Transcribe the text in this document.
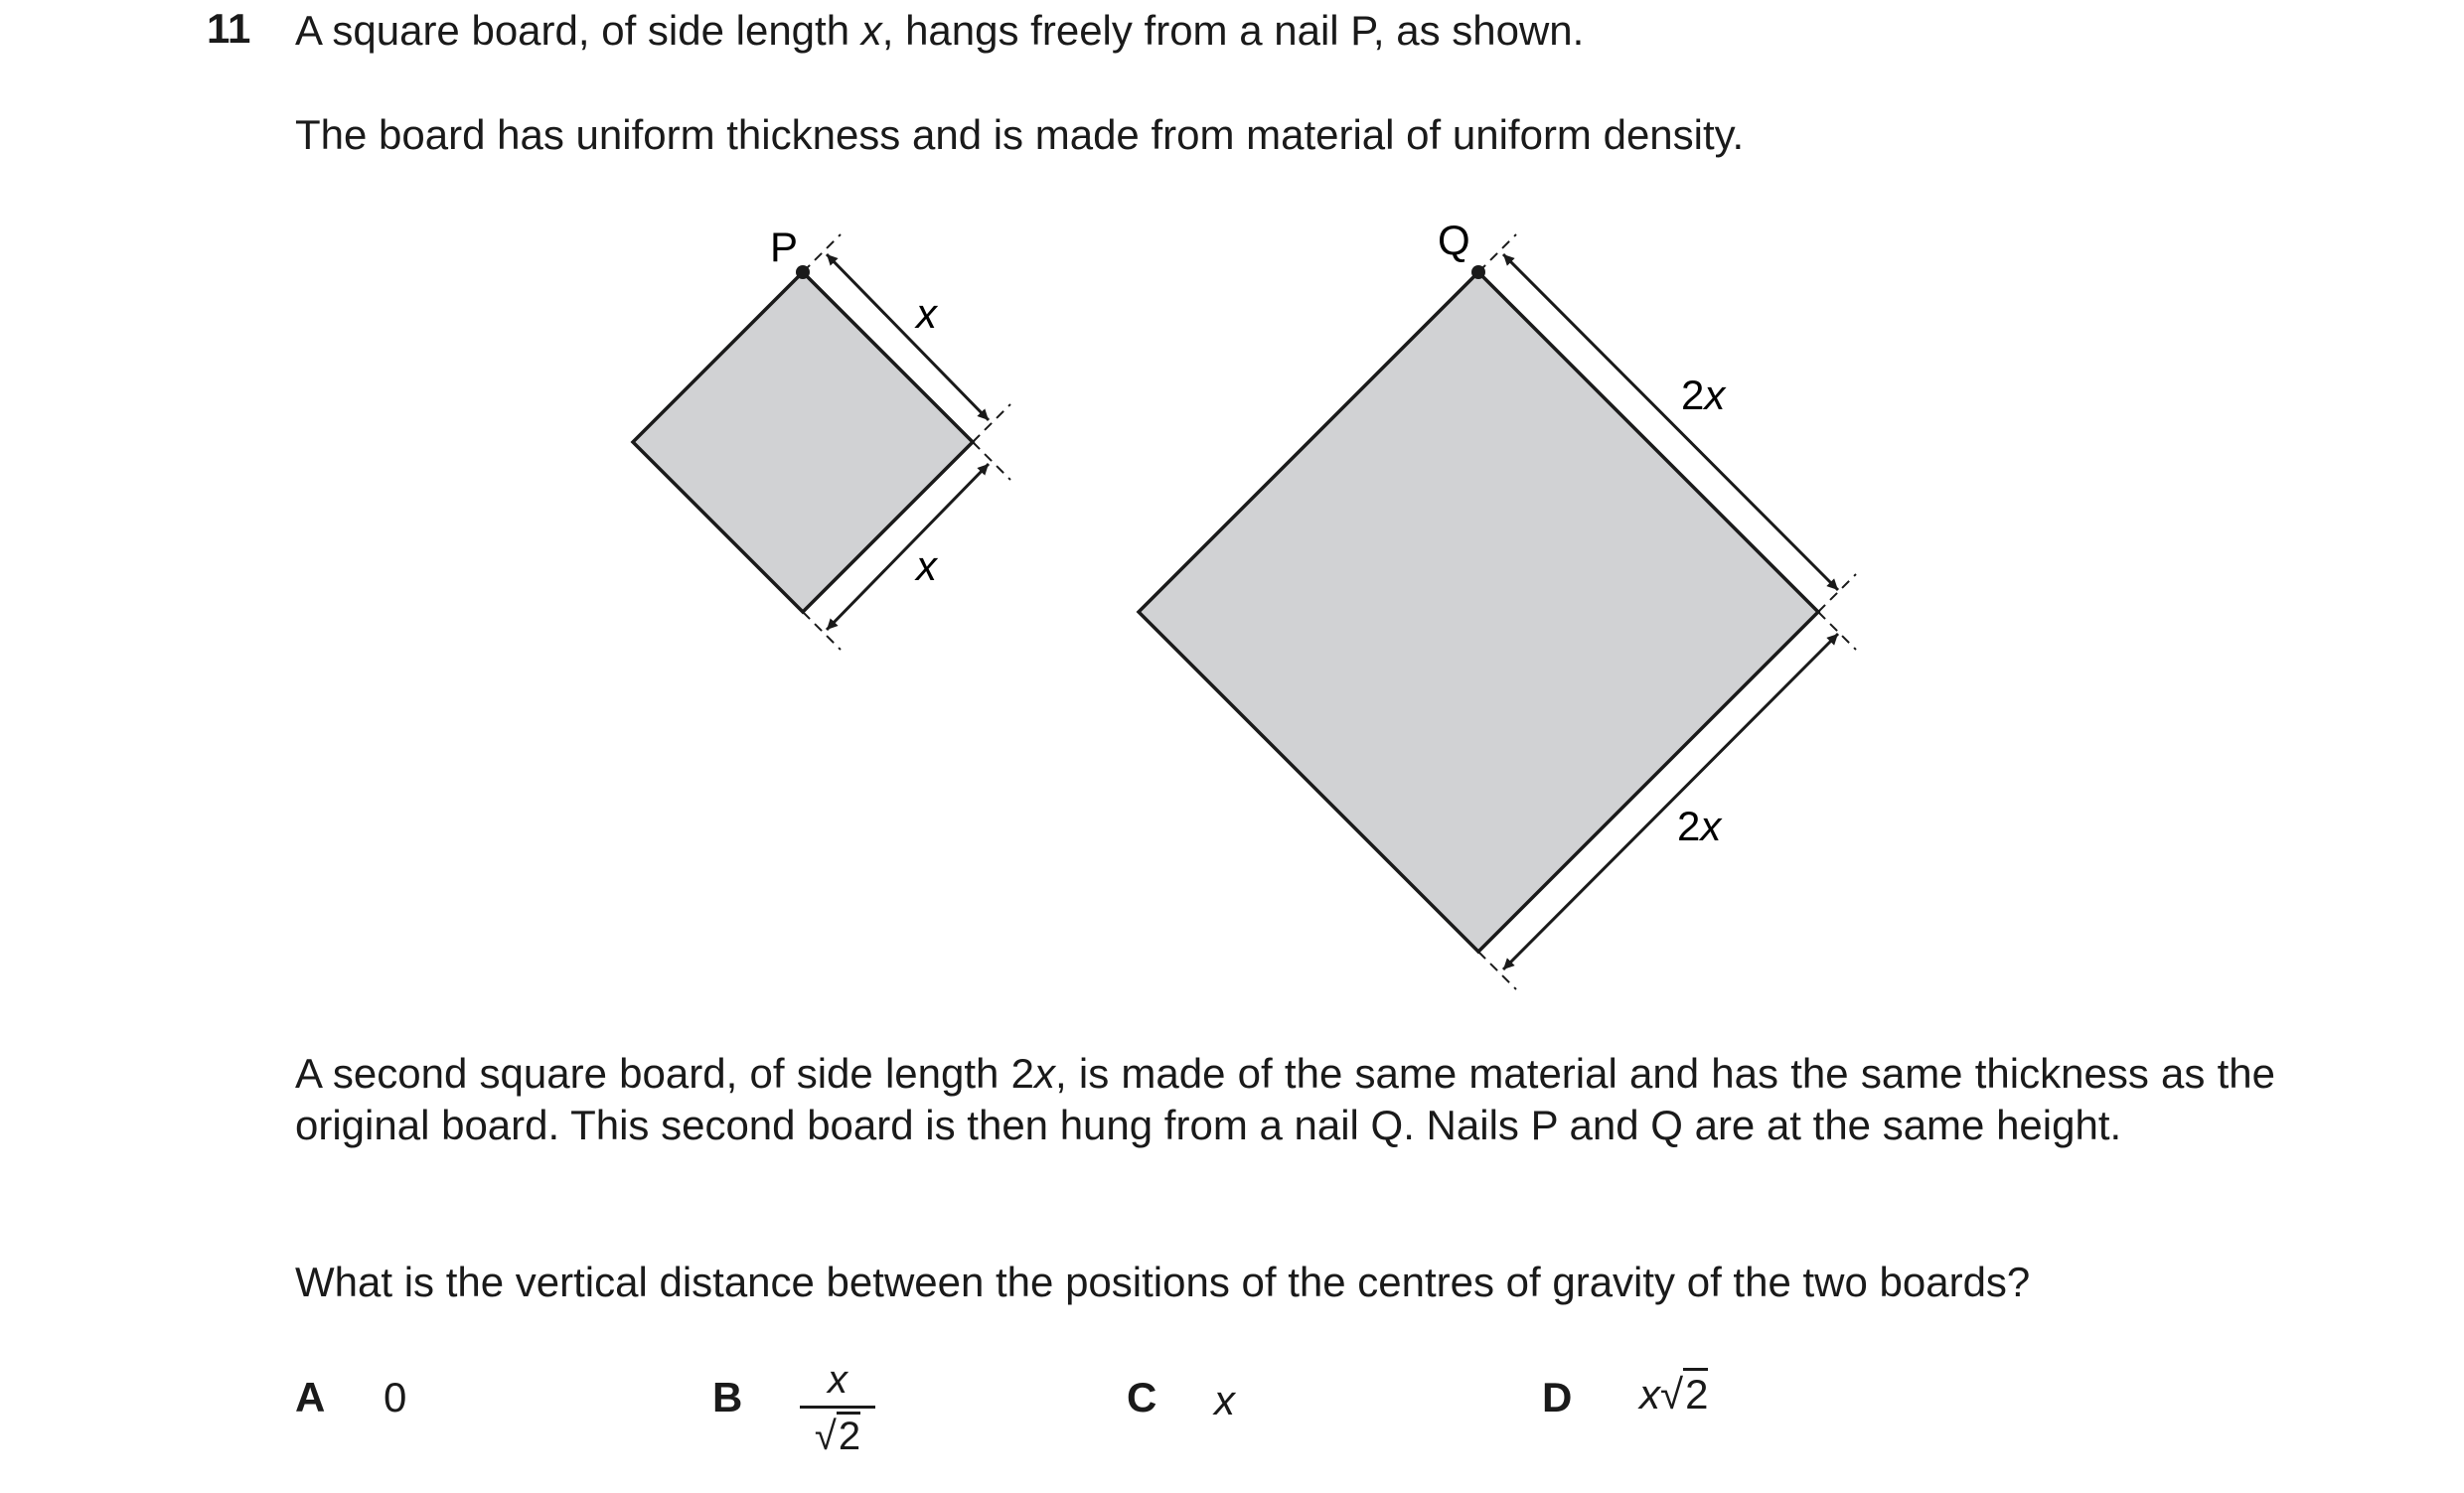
11 A square board, of side length x, hangs freely from a nail P, as shown.
The board has uniform thickness and is made from material of uniform density.
P
x
x
Q
2x
2x
A second square board, of side length 2x, is made of the same material and has the same thickness as the original board. This second board is then hung from a nail Q. Nails P and Q are at the same height.
What is the vertical distance between the positions of the centres of gravity of the two boards?
A 0	B	x
√2
C x	D x√2
